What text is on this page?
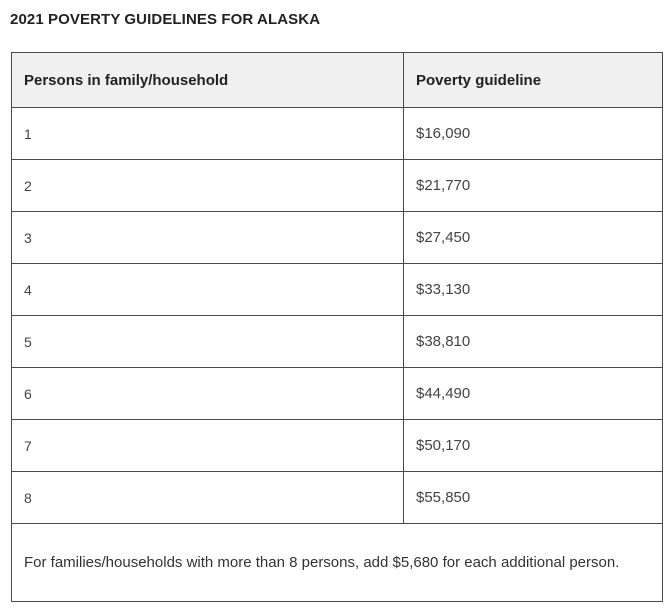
2021 POVERTY GUIDELINES FOR ALASKA
Persons in family/household	Poverty guideline
1	$16,090
2	$21,770
3	$27,450
4	$33,130
5	$38,810
6	$44,490
7	$50,170
8	$55,850
For families/households with more than 8 persons, add $5,680 for each additional person.	
